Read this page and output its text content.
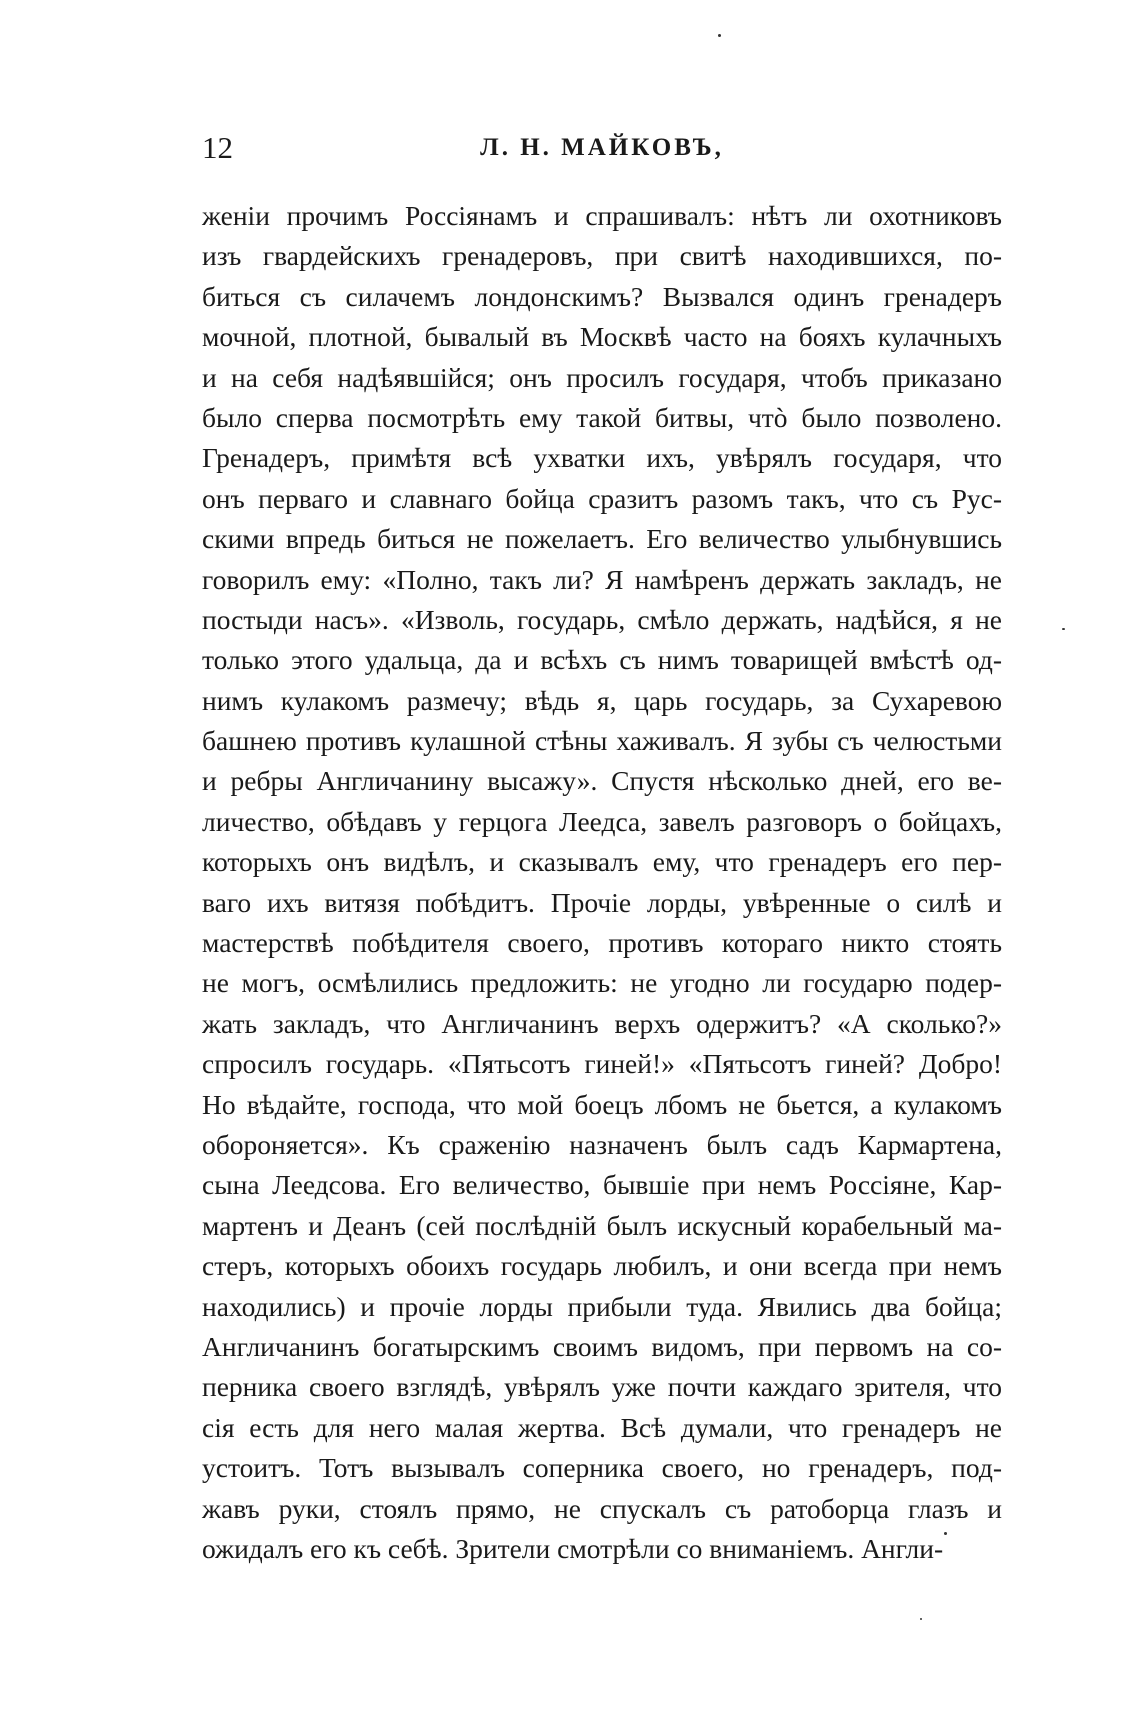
12	Л. Н. МАЙКОВЪ,
женіи прочимъ Россіянамъ и спрашивалъ: нѣтъ ли охотниковъ
изъ гвардейскихъ гренадеровъ, при свитѣ находившихся, по-
биться съ силачемъ лондонскимъ? Вызвался одинъ гренадеръ
мочной, плотной, бывалый въ Москвѣ часто на бояхъ кулачныхъ
и на себя надѣявшійся; онъ просилъ государя, чтобъ приказано
было сперва посмотрѣть ему такой битвы, чтò было позволено.
Гренадеръ, примѣтя всѣ ухватки ихъ, увѣрялъ государя, что
онъ перваго и славнаго бойца сразитъ разомъ такъ, что съ Рус-
скими впредь биться не пожелаетъ. Его величество улыбнувшись
говорилъ ему: «Полно, такъ ли? Я намѣренъ держать закладъ, не
постыди насъ». «Изволь, государь, смѣло держать, надѣйся, я не
только этого удальца, да и всѣхъ съ нимъ товарищей вмѣстѣ од-
нимъ кулакомъ размечу; вѣдь я, царь государь, за Сухаревою
башнею противъ кулашной стѣны хаживалъ. Я зубы съ челюстьми
и ребры Англичанину высажу». Спустя нѣсколько дней, его ве-
личество, обѣдавъ у герцога Леедса, завелъ разговоръ о бойцахъ,
которыхъ онъ видѣлъ, и сказывалъ ему, что гренадеръ его пер-
ваго ихъ витязя побѣдитъ. Прочіе лорды, увѣренные о силѣ и
мастерствѣ побѣдителя своего, противъ котораго никто стоять
не могъ, осмѣлились предложить: не угодно ли государю подер-
жать закладъ, что Англичанинъ верхъ одержитъ? «А сколько?»
спросилъ государь. «Пятьсотъ гиней!» «Пятьсотъ гиней? Добро!
Но вѣдайте, господа, что мой боецъ лбомъ не бьется, а кулакомъ
обороняется». Къ сраженію назначенъ былъ садъ Кармартена,
сына Леедсова. Его величество, бывшіе при немъ Россіяне, Кар-
мартенъ и Деанъ (сей послѣдній былъ искусный корабельный ма-
стеръ, которыхъ обоихъ государь любилъ, и они всегда при немъ
находились) и прочіе лорды прибыли туда. Явились два бойца;
Англичанинъ богатырскимъ своимъ видомъ, при первомъ на со-
перника своего взглядѣ, увѣрялъ уже почти каждаго зрителя, что
сія есть для него малая жертва. Всѣ думали, что гренадеръ не
устоитъ. Тотъ вызывалъ соперника своего, но гренадеръ, под-
жавъ руки, стоялъ прямо, не спускалъ съ ратоборца глазъ и
ожидалъ его къ себѣ. Зрители смотрѣли со вниманіемъ. Англи-
